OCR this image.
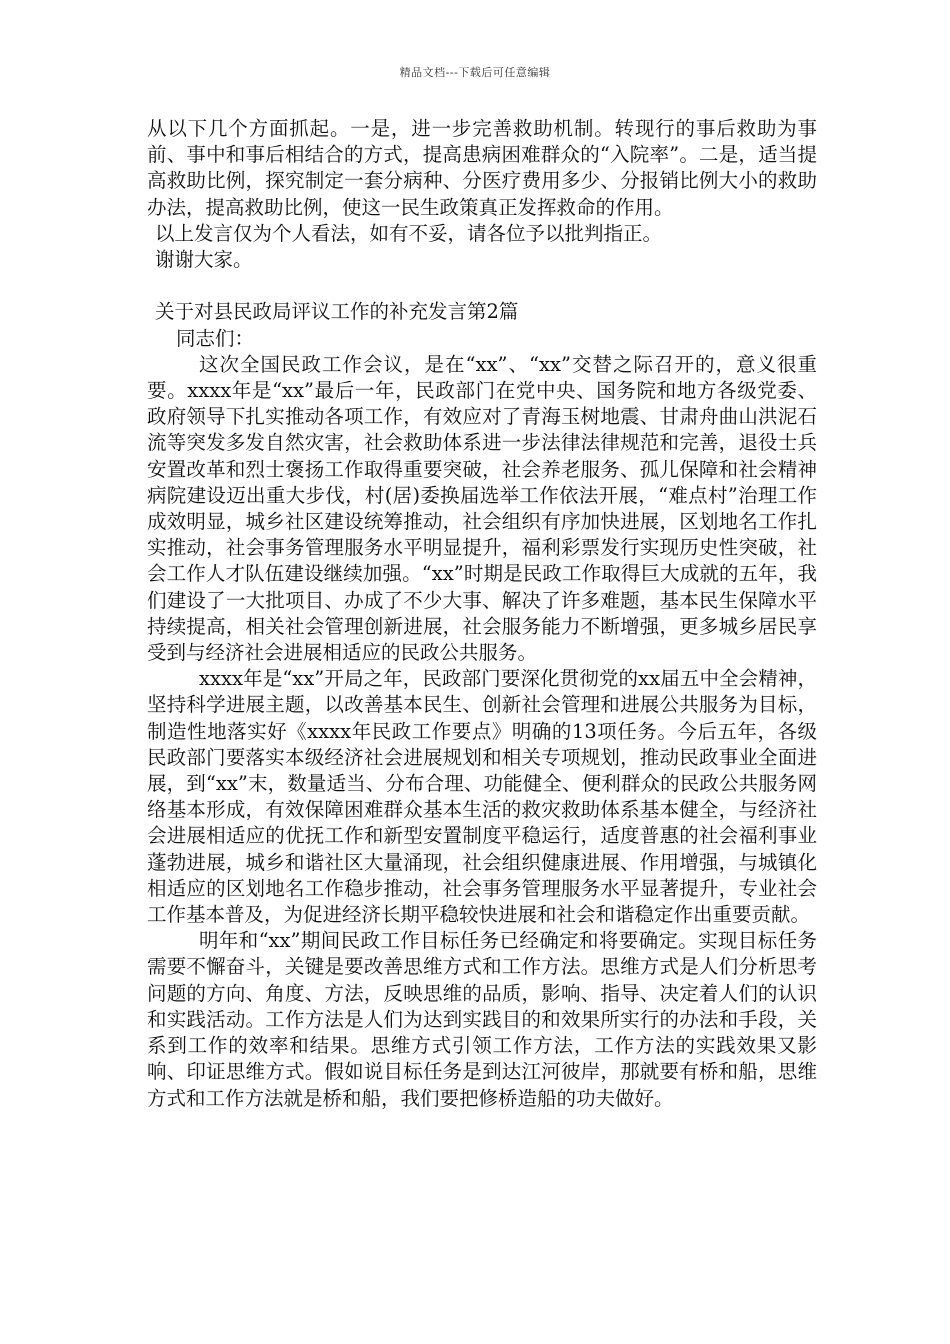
精品文档---下载后可任意编辑

从以下几个方面抓起。一是，进一步完善救助机制。转现行的事后救助为事前、事中和事后相结合的方式，提高患病困难群众的“入院率”。二是，适当提高救助比例，探究制定一套分病种、分医疗费用多少、分报销比例大小的救助办法，提高救助比例，使这一民生政策真正发挥救命的作用。

以上发言仅为个人看法，如有不妥，请各位予以批判指正。

谢谢大家。

关于对县民政局评议工作的补充发言第2篇

同志们：

这次全国民政工作会议，是在“xx”、“xx”交替之际召开的，意义很重要。xxxx年是“xx”最后一年，民政部门在党中央、国务院和地方各级党委、政府领导下扎实推动各项工作，有效应对了青海玉树地震、甘肃舟曲山洪泥石流等突发多发自然灾害，社会救助体系进一步法律法律规范和完善，退役士兵安置改革和烈士褒扬工作取得重要突破，社会养老服务、孤儿保障和社会精神病院建设迈出重大步伐，村(居)委换届选举工作依法开展，“难点村”治理工作成效明显，城乡社区建设统筹推动，社会组织有序加快进展，区划地名工作扎实推动，社会事务管理服务水平明显提升，福利彩票发行实现历史性突破，社会工作人才队伍建设继续加强。“xx”时期是民政工作取得巨大成就的五年，我们建设了一大批项目、办成了不少大事、解决了许多难题，基本民生保障水平持续提高，相关社会管理创新进展，社会服务能力不断增强，更多城乡居民享受到与经济社会进展相适应的民政公共服务。

xxxx年是“xx”开局之年，民政部门要深化贯彻党的xx届五中全会精神，坚持科学进展主题，以改善基本民生、创新社会管理和进展公共服务为目标，制造性地落实好《xxxx年民政工作要点》明确的13项任务。今后五年，各级民政部门要落实本级经济社会进展规划和相关专项规划，推动民政事业全面进展，到“xx”末，数量适当、分布合理、功能健全、便利群众的民政公共服务网络基本形成，有效保障困难群众基本生活的救灾救助体系基本健全，与经济社会进展相适应的优抚工作和新型安置制度平稳运行，适度普惠的社会福利事业蓬勃进展，城乡和谐社区大量涌现，社会组织健康进展、作用增强，与城镇化相适应的区划地名工作稳步推动，社会事务管理服务水平显著提升，专业社会工作基本普及，为促进经济长期平稳较快进展和社会和谐稳定作出重要贡献。

明年和“xx”期间民政工作目标任务已经确定和将要确定。实现目标任务需要不懈奋斗，关键是要改善思维方式和工作方法。思维方式是人们分析思考问题的方向、角度、方法，反映思维的品质，影响、指导、决定着人们的认识和实践活动。工作方法是人们为达到实践目的和效果所实行的办法和手段，关系到工作的效率和结果。思维方式引领工作方法，工作方法的实践效果又影响、印证思维方式。假如说目标任务是到达江河彼岸，那就要有桥和船，思维方式和工作方法就是桥和船，我们要把修桥造船的功夫做好。
